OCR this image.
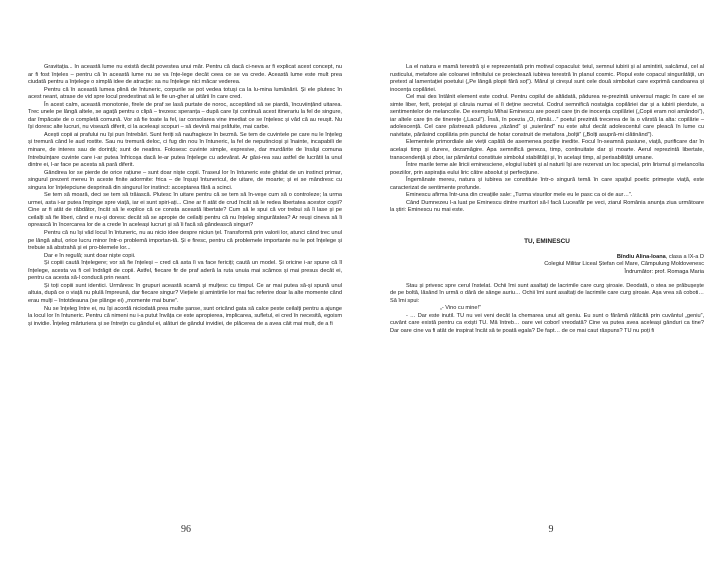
Gravitația... În această lume nu există decât povestea unui măr. Pentru că dacă ci-neva ar fi explicat acest concept, nu ar fi fost înțeles – pentru că în această lume nu se va înțe-lege decât ceea ce se va crede. Această lume este mult prea ciudată pentru a înțelege o simplă idee de atracție: sa nu înțelege nici măcar vederea.

Pentru că în această lumea plină de întuneric, corpurile se pot vedea totuși ca la lu-mina lumânării. Și ele plutesc în acest neant, atrase de vid spre locul predestinat să le fie un-gher al uitării în care cred.

În acest calm, această monotonie, firele de praf se lasă purtate de noroc, acceptând să se piardă, încuviințând uitarea. Trec unele pe lângă altele, se agață pentru o clipă – trezesc speranța – după care își continuă acest itinerariu la fel de singure, dar împăcate de o completă comună. Vor să fie toate la fel, iar consolarea vine imediat ce se înțelesc și văd că au reușit. Nu își doresc alte lucruri, nu visează diferit, ci la aceleași scopuri – să devină mai prăfuite, mai carbe.

Acești copii ai prafului nu își pun întrebări. Sunt feriți să naufragieze în bezmă. Se tem de cuvintele pe care nu le înțeleg și tremură când le aud rostite. Sau nu tremură deloc, ci fug din nou în întuneric, la fel de neputincioși și înainte, incapabili de minare, de interes sau de dorință; sunt de neatins. Folosesc cuvinte simple, expresive, dar murdărite de însăși comuna întrebuințare cuvinte care i-ar putea înfricoșa dacă le-ar putea înțelege cu adevărat. Ar găsi-rea sau astfel de lucrătii la unul dintre ei, l-ar face pe acesta să pară diferit.

Gândirea lor se pierde de orice rațiune – sunt doar niște copii. Traseul lor în întuneric este ghidat de un instinct primar, singurul prezent mereu în aceste finite adormite: frica – de înșuși întunericul, de uitare, de moarte; și ei se mândresc cu singura lor înțelepciune desprinsă din singurul lor instinct: acceptarea fără a scinci.

Se tem să moară, deci se tem să trăiască. Plutesc în uitare pentru că se tem să în-veșe cum să o controleze; la urma urmei, asta i-ar putea împinge spre viață, iar ei sunt spiri-ați... Cine ar fi atât de crud încât să le redea libertatea acestor copii? Cine ar fi atât de răbdător, încât să le explice că ce consta această libertate? Cum să le spui că vor trebui să îi lase și pe ceilalți să fie liberi, când e nu-și doresc decât să se apropie de ceilalți pentru că nu înțeleg singurătatea? Ar reuși cineva să îi oprească în încercarea lor de a crede în aceleași lucruri și să îi facă să gândească singuri?

Pentru că nu își văd locul în întuneric, nu au nicio idee despre niciun țel. Transformă prin valorii lor, atunci când trec unul pe lângă altul, orice lucru minor într-o problemă importan-tă. Și e firesc, pentru că problemele importante nu le pot înțelege și trebuie să abstrahă și ei pro-blemele lor...

Dar e în regulă; sunt doar niște copii.

Și copiii caută înțelegere; vor să fie înțeleși – cred că asta îi va face fericiți; caută un model. Și oricine i-ar spune că îl înțelege, acesta va fi cel îndrăgit de copii. Astfel, fiecare fir de praf aderă la ruta unuia mai scămos și mai presus decât ei, pentru ca acesta să-l conducă prin neant.

Și toți copiii sunt identici. Urmăresc în grupuri această scamă și mulțesc cu timpul. Ce ar mai putea să-și spună unul altuia, după ce o viață nu plulă împreună, dar fiecare singur? Viețiele și amintirile lor mai fac referire doar la alte momente când erau mulți – întotdeauna (se plânge ei) „momente mai bune”.

Nu se înțeleg între ei, nu își acordă niciodată prea multe șanse, sunt oricând gata să calce peste ceilalți pentru a ajunge la locul lor în întuneric. Pentru că nimeni nu i-a putut învăța ce este apropierea, implicarea, sufletul, ei cred în necesită, egoism și invidie. Înțeleg mărturiera și se întrețin cu gândul ei, alături de gândul invidiei, de plăcerea de a avea câit mai mult, de a fi

96

La el natura e mamă terestră și e reprezentată prin motivul copacului: teiul, semnul iubirii și al amintirii, salcâmul, cel al rusticului, metafore ale coloanei infinitului ce proiectează iubirea terestră în planul cosmic. Plopul este copacul singurătății, un pretext al lamentației poetului („Pe lângă plopii fără soț”). Mărul și cireșul sunt cele două simboluri care exprimă candoarea și inocența copilăriei.

Cel mai des întâlnit element este codrul. Pentru copilul de altădată, pădurea re-prezintă universul magic în care el se simte liber, ferit, protejat și căruia numai el îi deține secretul. Codrul semnifică nostalgia copilăriei dar și a iubirii pierdute, a sentimentelor de melancolie. De exemplu Mihai Eminescu are poezii care țin de inocența copilăriei („Copii eram noi amândoi”), iar altele care țin de tinerețe („Lacul”). Însă, în poezia „O, rămâi…” poetul prezintă trecerea de la o vârstă la alta: copilărie – adolescență. Cel care păstrează pădurea „râzând” și „suierând” nu este altul decât adolescentul care pleacă în lume cu naivitate, părăsind copilăria prin punctul de hotar construit de metafora „bolții” („Bolți asupră-mi clătinând”).

Elementele primordiale ale vieții capătă de asemenea poziție inedite. Focul în-seamnă pasiune, viață, purificare dar în același timp și durere, dezamăgire. Apa semnifică geneza, timp, continuitate dar și moarte. Aerul reprezintă libertate, transcendență și zbor, iar pământul constituie simbolul stabilității și, în același timp, al perisabilității umane.

Între marile teme ale liricii eminesciene, elogiul iubirii și al naturii își are rezervat un loc special, prin lirismul și melancolia poeziilor, prin aspirația eului liric către absolut și perfecțiune.

Îngemănate mereu, natura și iubirea se constituie într-o singură temă în care spațiul poetic primește viață, este caracterizat de sentimente profunde.

Eminescu afirma într-una din creațiile sale: „Turma visurilor mele eu le pasc ca oi de aur…”.

Când Dumnezeu l-a luat pe Eminescu dintre muritori să-l facă Luceafăr pe veci, ziarul România anunța ziua următoare la știri: Eminescu nu mai este.

TU, EMINESCU
Bîndiu Alina-Ioana, clasa a IX-a D
Colegiul Militar Liceal Ștefan cel Mare, Câmpulung Moldovenesc
Îndrumător: prof. Romaga Maria

Stau și privesc spre cerul înstelat. Ochii îmi sunt asaltați de lacrimile care curg șiroaie. Deodată, o stea se prăbușește de pe boltă, lăsând în urmă o dâră de sânge auriu… Ochii îmi sunt asaltați de lacrimile care curg șiroaie. Așa vrea să coboti… Să îmi spui:

„- Vino cu mine!”

- … Dar este inutil. TU nu vei veni decât la chemarea unui alt geniu. Eu sunt o fărâmă rătăcită prin cuvântul „geniu”, cuvânt care există pentru ca exiști TU. Mă întreb… oare vei coborî vreodată? Cine va putea avea aceleași gânduri ca tine? Dar oare cine va fi atât de inspirat încât să te poată egala? De fapt… de ce mai caut răspuns? TU nu poți fi

9
